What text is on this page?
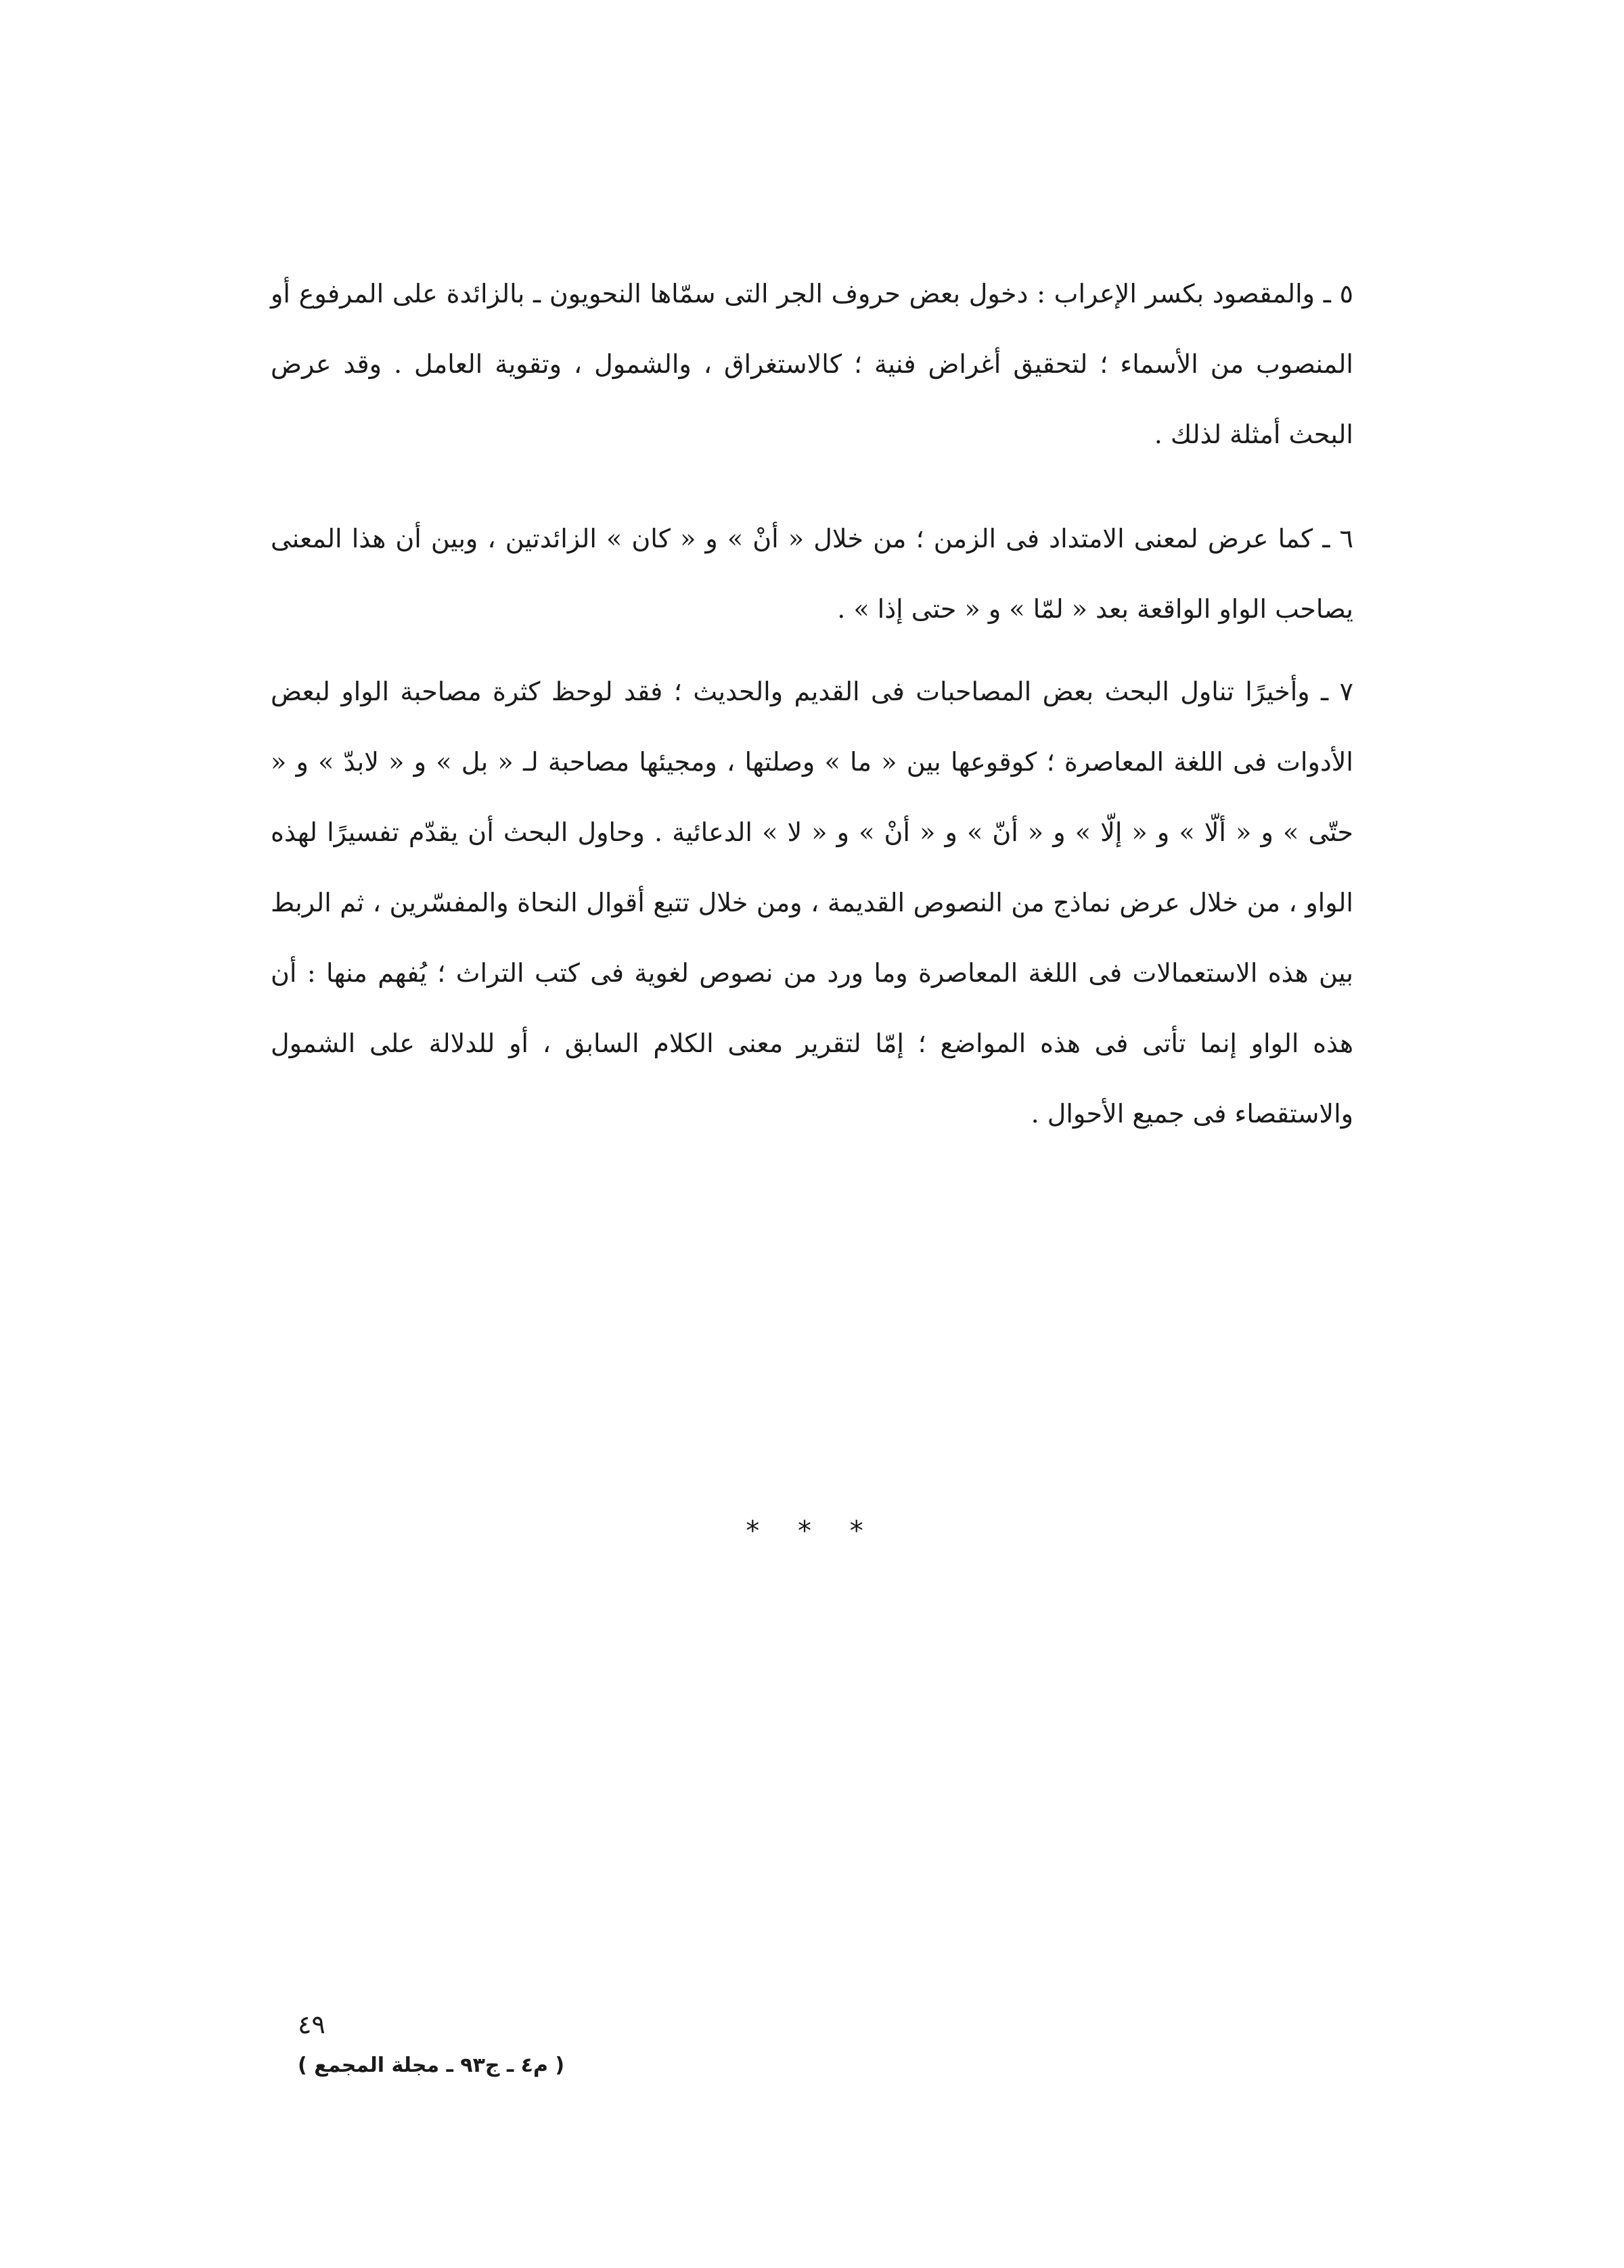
٥ ـ والمقصود بكسر الإعراب : دخول بعض حروف الجر التى سمّاها النحويون ـ بالزائدة على المرفوع أو المنصوب من الأسماء ؛ لتحقيق أغراض فنية ؛ كالاستغراق ، والشمول ، وتقوية العامل . وقد عرض البحث أمثلة لذلك .

٦ ـ كما عرض لمعنى الامتداد فى الزمن ؛ من خلال « أنْ » و « كان » الزائدتين ، وبين أن هذا المعنى يصاحب الواو الواقعة بعد « لمّا » و « حتى إذا » .

٧ ـ وأخيرًا تناول البحث بعض المصاحبات فى القديم والحديث ؛ فقد لوحظ كثرة مصاحبة الواو لبعض الأدوات فى اللغة المعاصرة ؛ كوقوعها بين « ما » وصلتها ، ومجيئها مصاحبة لـ « بل » و « لابدّ » و « حتّى » و « ألّا » و « إلّا » و « أنّ » و « أنْ » و « لا » الدعائية . وحاول البحث أن يقدّم تفسيرًا لهذه الواو ، من خلال عرض نماذج من النصوص القديمة ، ومن خلال تتبع أقوال النحاة والمفسّرين ، ثم الربط بين هذه الاستعمالات فى اللغة المعاصرة وما ورد من نصوص لغوية فى كتب التراث ؛ يُفهم منها : أن هذه الواو إنما تأتى فى هذه المواضع ؛ إمّا لتقرير معنى الكلام السابق ، أو للدلالة على الشمول والاستقصاء فى جميع الأحوال .

* * *
٤٩
( م٤ ـ ج٩٣ ـ مجلة المجمع )
